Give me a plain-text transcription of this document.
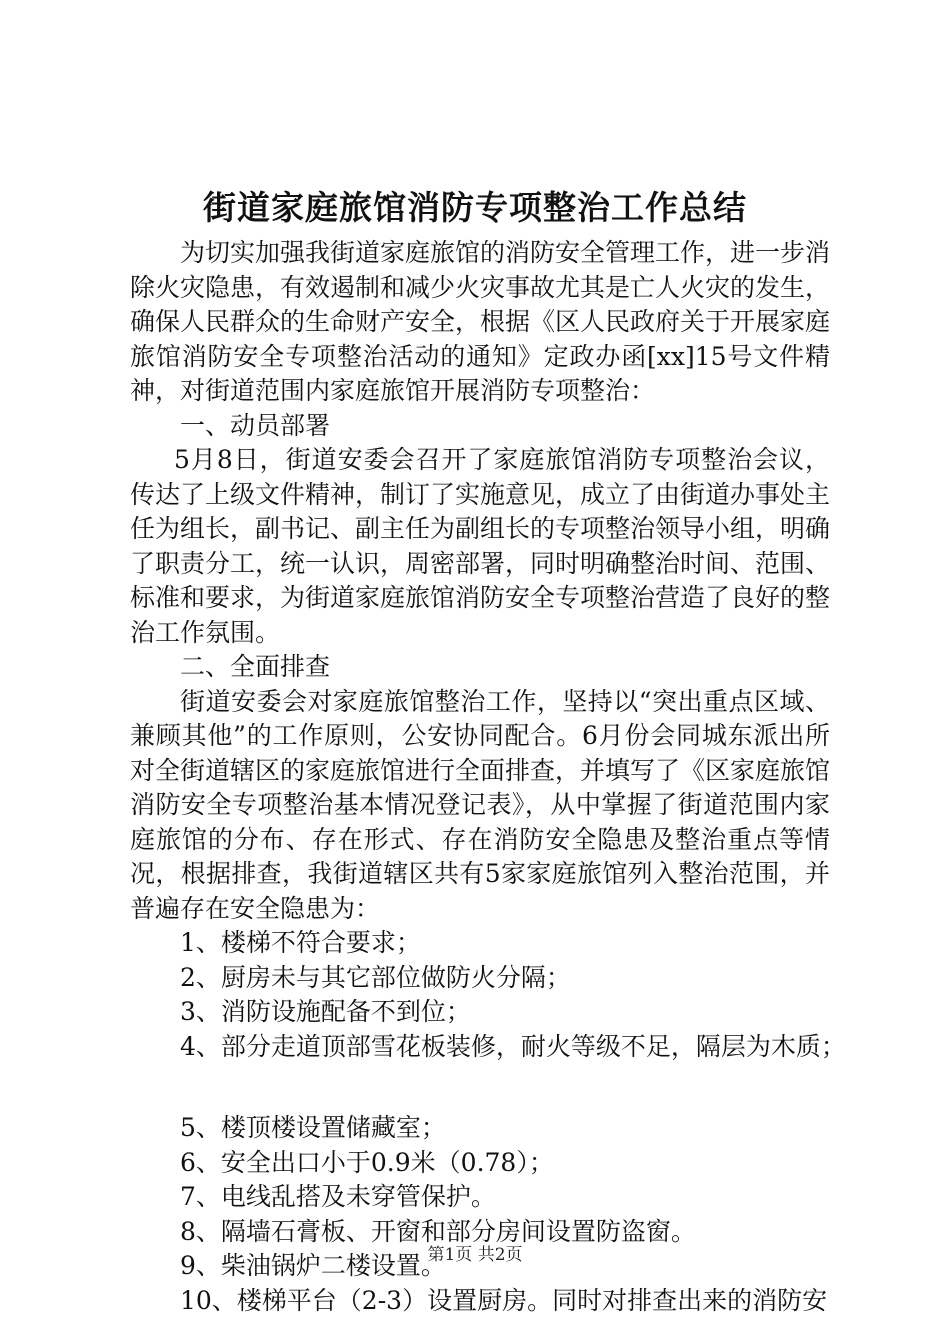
街道家庭旅馆消防专项整治工作总结

为切实加强我街道家庭旅馆的消防安全管理工作，进一步消除火灾隐患，有效遏制和减少火灾事故尤其是亡人火灾的发生，确保人民群众的生命财产安全，根据《区人民政府关于开展家庭旅馆消防安全专项整治活动的通知》定政办函[xx]15号文件精神，对街道范围内家庭旅馆开展消防专项整治：

一、动员部署

5月8日，街道安委会召开了家庭旅馆消防专项整治会议，传达了上级文件精神，制订了实施意见，成立了由街道办事处主任为组长，副书记、副主任为副组长的专项整治领导小组，明确了职责分工，统一认识，周密部署，同时明确整治时间、范围、标准和要求，为街道家庭旅馆消防安全专项整治营造了良好的整治工作氛围。

二、全面排查

街道安委会对家庭旅馆整治工作，坚持以“突出重点区域、兼顾其他”的工作原则，公安协同配合。6月份会同城东派出所对全街道辖区的家庭旅馆进行全面排查，并填写了《区家庭旅馆消防安全专项整治基本情况登记表》，从中掌握了街道范围内家庭旅馆的分布、存在形式、存在消防安全隐患及整治重点等情况，根据排查，我街道辖区共有5家家庭旅馆列入整治范围，并普遍存在安全隐患为：

1、楼梯不符合要求；

2、厨房未与其它部位做防火分隔；

3、消防设施配备不到位；

4、部分走道顶部雪花板装修，耐火等级不足，隔层为木质；

5、楼顶楼设置储藏室；

6、安全出口小于0.9米（0.78）；

7、电线乱搭及未穿管保护。

8、隔墙石膏板、开窗和部分房间设置防盗窗。

9、柴油锅炉二楼设置。

10、楼梯平台（2-3）设置厨房。同时对排查出来的消防安

第1页 共2页
